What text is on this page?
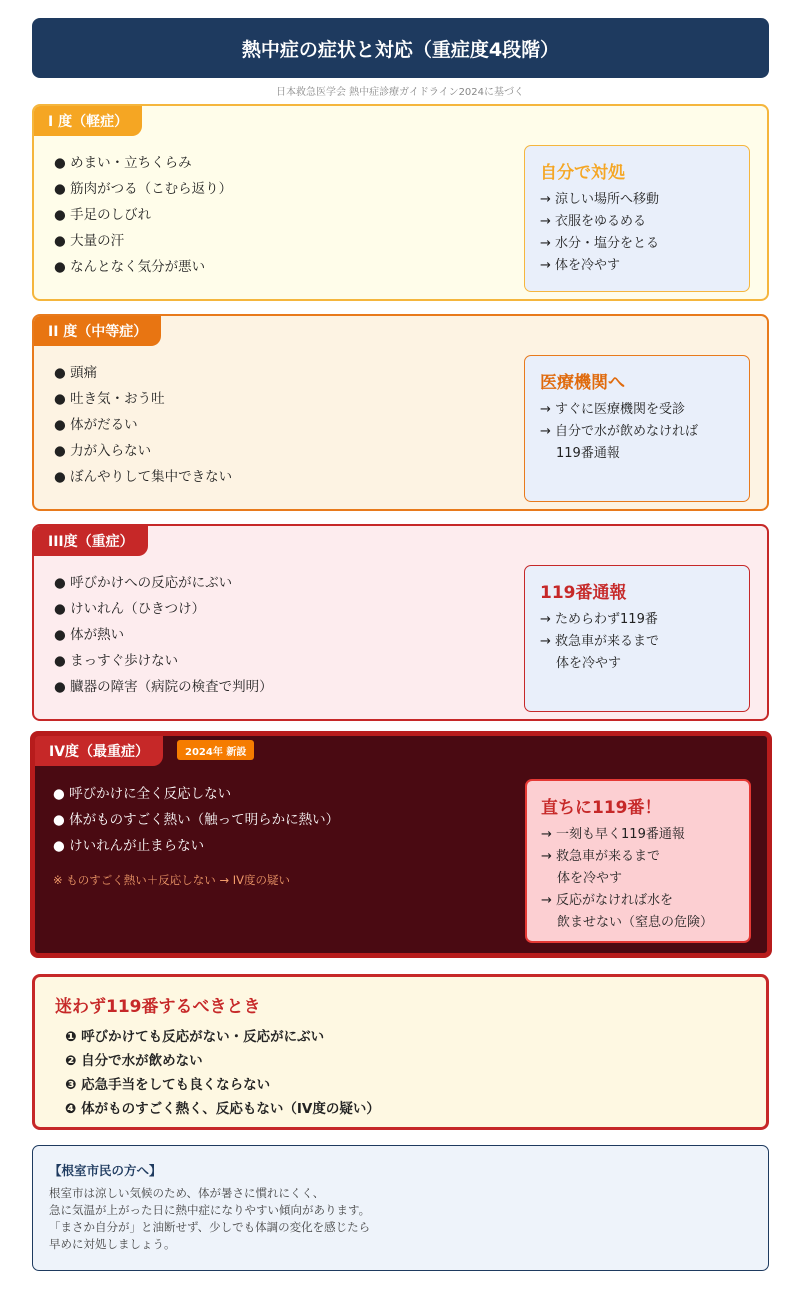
熱中症の症状と対応（重症度4段階）
日本救急医学会 熱中症診療ガイドライン2024に基づく
I 度（軽症）
● めまい・立ちくらみ
● 筋肉がつる（こむら返り）
● 手足のしびれ
● 大量の汗
● なんとなく気分が悪い
自分で対処
→ 涼しい場所へ移動
→ 衣服をゆるめる
→ 水分・塩分をとる
→ 体を冷やす
II 度（中等症）
● 頭痛
● 吐き気・おう吐
● 体がだるい
● 力が入らない
● ぼんやりして集中できない
医療機関へ
→ すぐに医療機関を受診
→ 自分で水が飲めなければ
119番通報
III度（重症）
● 呼びかけへの反応がにぶい
● けいれん（ひきつけ）
● 体が熱い
● まっすぐ歩けない
● 臓器の障害（病院の検査で判明）
119番通報
→ ためらわず119番
→ 救急車が来るまで
体を冷やす
IV度（最重症）	2024年 新設
● 呼びかけに全く反応しない
● 体がものすごく熱い（触って明らかに熱い）
● けいれんが止まらない
※ ものすごく熱い＋反応しない → IV度の疑い
直ちに119番！
→ 一刻も早く119番通報
→ 救急車が来るまで
体を冷やす
→ 反応がなければ水を
飲ませない（窒息の危険）
迷わず119番するべきとき
❶ 呼びかけても反応がない・反応がにぶい
❷ 自分で水が飲めない
❸ 応急手当をしても良くならない
❹ 体がものすごく熱く、反応もない（IV度の疑い）
【根室市民の方へ】
根室市は涼しい気候のため、体が暑さに慣れにくく、
急に気温が上がった日に熱中症になりやすい傾向があります。
「まさか自分が」と油断せず、少しでも体調の変化を感じたら
早めに対処しましょう。
